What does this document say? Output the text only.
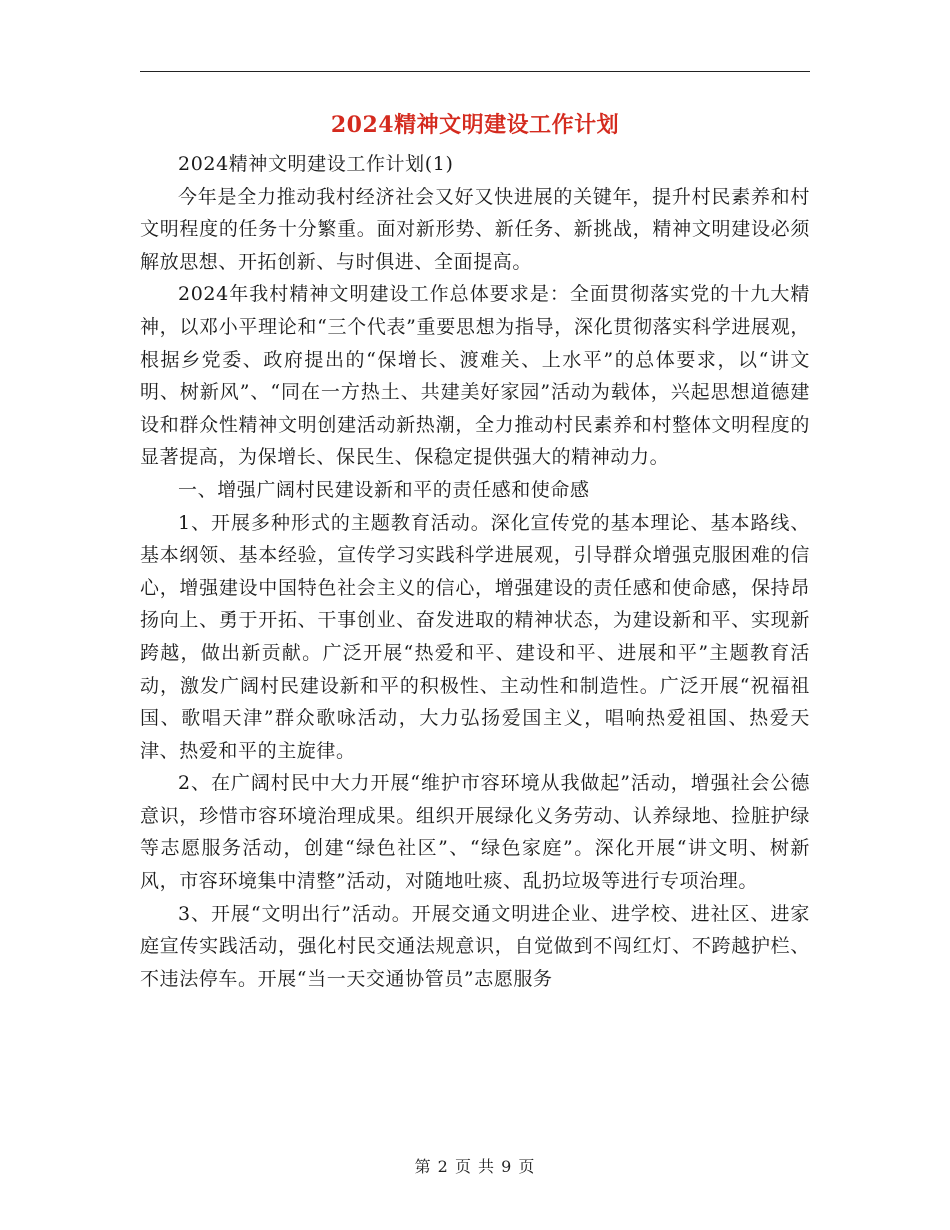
2024精神文明建设工作计划

2024精神文明建设工作计划(1)

今年是全力推动我村经济社会又好又快进展的关键年，提升村民素养和村文明程度的任务十分繁重。面对新形势、新任务、新挑战，精神文明建设必须解放思想、开拓创新、与时俱进、全面提高。

2024年我村精神文明建设工作总体要求是：全面贯彻落实党的十九大精神，以邓小平理论和“三个代表”重要思想为指导，深化贯彻落实科学进展观，根据乡党委、政府提出的“保增长、渡难关、上水平”的总体要求，以“讲文明、树新风”、“同在一方热土、共建美好家园”活动为载体，兴起思想道德建设和群众性精神文明创建活动新热潮，全力推动村民素养和村整体文明程度的显著提高，为保增长、保民生、保稳定提供强大的精神动力。

一、增强广阔村民建设新和平的责任感和使命感

1、开展多种形式的主题教育活动。深化宣传党的基本理论、基本路线、基本纲领、基本经验，宣传学习实践科学进展观，引导群众增强克服困难的信心，增强建设中国特色社会主义的信心，增强建设的责任感和使命感，保持昂扬向上、勇于开拓、干事创业、奋发进取的精神状态，为建设新和平、实现新跨越，做出新贡献。广泛开展“热爱和平、建设和平、进展和平”主题教育活动，激发广阔村民建设新和平的积极性、主动性和制造性。广泛开展“祝福祖国、歌唱天津”群众歌咏活动，大力弘扬爱国主义，唱响热爱祖国、热爱天津、热爱和平的主旋律。

2、在广阔村民中大力开展“维护市容环境从我做起”活动，增强社会公德意识，珍惜市容环境治理成果。组织开展绿化义务劳动、认养绿地、捡脏护绿等志愿服务活动，创建“绿色社区”、“绿色家庭”。深化开展“讲文明、树新风，市容环境集中清整”活动，对随地吐痰、乱扔垃圾等进行专项治理。

3、开展“文明出行”活动。开展交通文明进企业、进学校、进社区、进家庭宣传实践活动，强化村民交通法规意识，自觉做到不闯红灯、不跨越护栏、不违法停车。开展“当一天交通协管员”志愿服务

第 2 页 共 9 页
